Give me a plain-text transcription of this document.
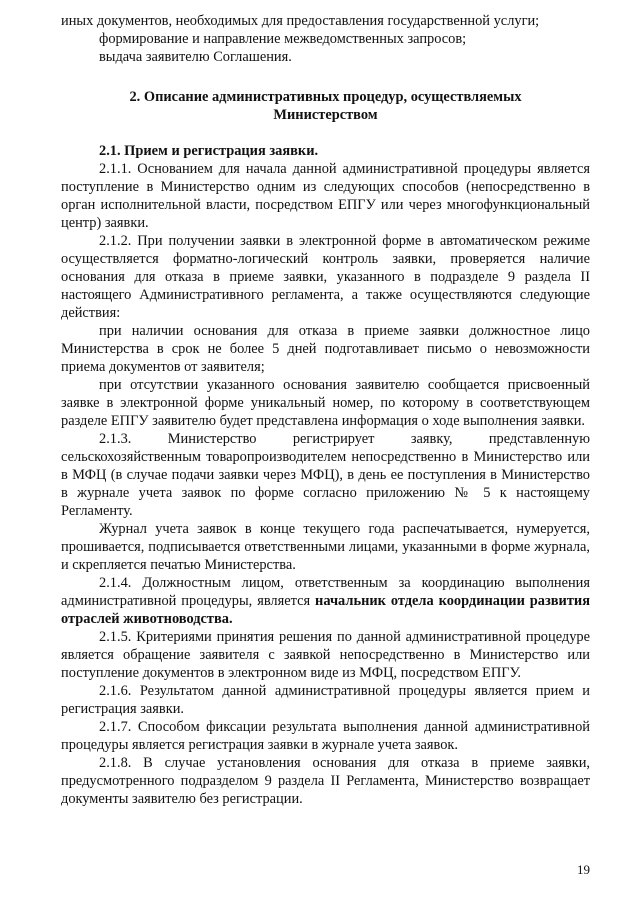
иных документов, необходимых для предоставления государственной услуги;

формирование и направление межведомственных запросов;

выдача заявителю Соглашения.

2. Описание административных процедур, осуществляемых
Министерством

2.1. Прием и регистрация заявки.

2.1.1. Основанием для начала данной административной процедуры является поступление в Министерство одним из следующих способов (непосредственно в орган исполнительной власти, посредством ЕПГУ или через многофункциональный центр) заявки.

2.1.2. При получении заявки в электронной форме в автоматическом режиме осуществляется форматно-логический контроль заявки, проверяется наличие основания для отказа в приеме заявки, указанного в подразделе 9 раздела II настоящего Административного регламента, а также осуществляются следующие действия:

при наличии основания для отказа в приеме заявки должностное лицо Министерства в срок не более 5 дней подготавливает письмо о невозможности приема документов от заявителя;

при отсутствии указанного основания заявителю сообщается присвоенный заявке в электронной форме уникальный номер, по которому в соответствующем разделе ЕПГУ заявителю будет представлена информация о ходе выполнения заявки.

2.1.3. Министерство регистрирует заявку, представленную сельскохозяйственным товаропроизводителем непосредственно в Министерство или в МФЦ (в случае подачи заявки через МФЦ), в день ее поступления в Министерство в журнале учета заявок по форме согласно приложению № 5 к настоящему Регламенту.

Журнал учета заявок в конце текущего года распечатывается, нумеруется, прошивается, подписывается ответственными лицами, указанными в форме журнала, и скрепляется печатью Министерства.

2.1.4. Должностным лицом, ответственным за координацию выполнения административной процедуры, является начальник отдела координации развития отраслей животноводства.

2.1.5. Критериями принятия решения по данной административной процедуре является обращение заявителя с заявкой непосредственно в Министерство или поступление документов в электронном виде из МФЦ, посредством ЕПГУ.

2.1.6. Результатом данной административной процедуры является прием и регистрация заявки.

2.1.7. Способом фиксации результата выполнения данной административной процедуры является регистрация заявки в журнале учета заявок.

2.1.8. В случае установления основания для отказа в приеме заявки, предусмотренного подразделом 9 раздела II Регламента, Министерство возвращает документы заявителю без регистрации.

19
